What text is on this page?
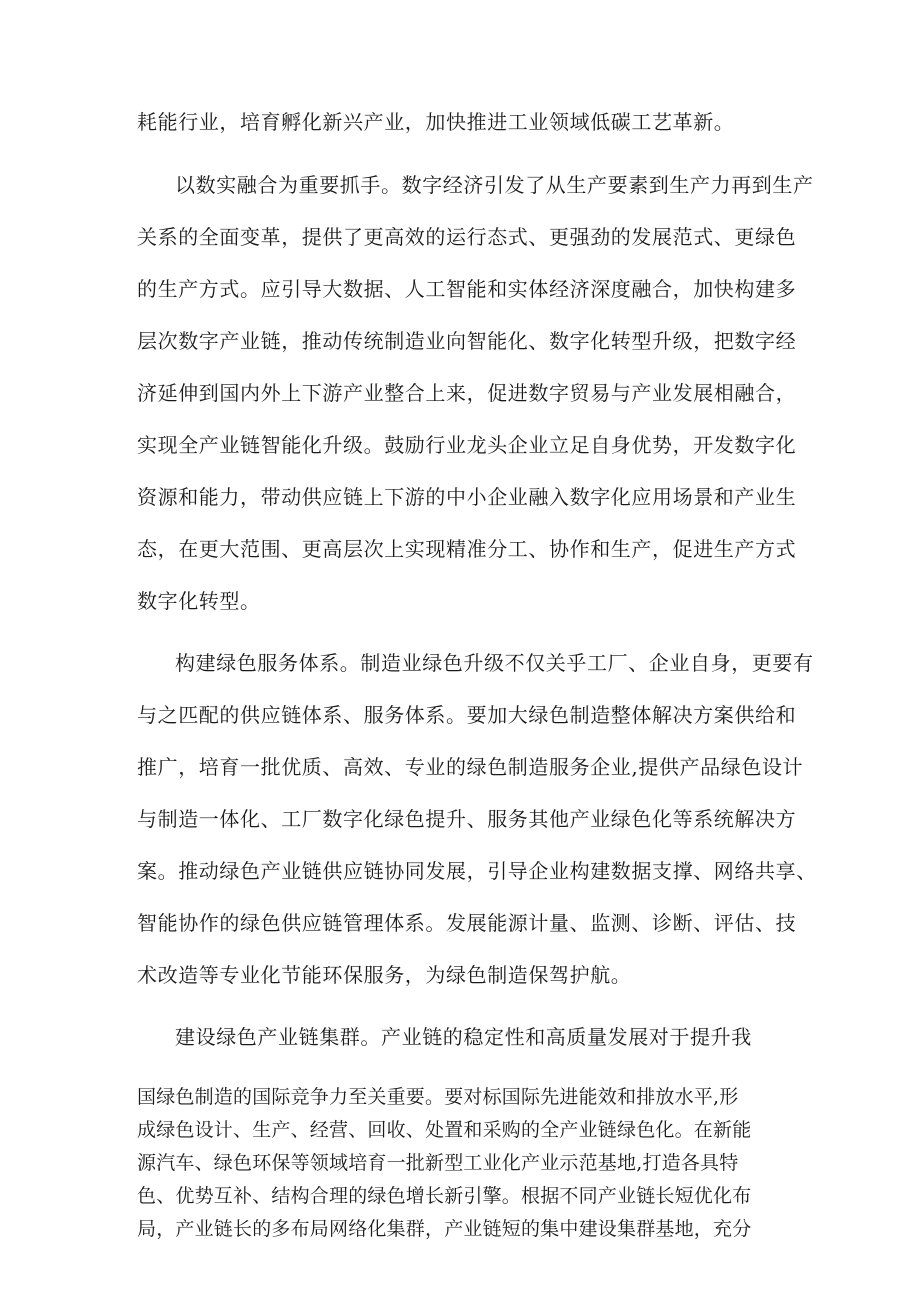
耗能行业，培育孵化新兴产业，加快推进工业领域低碳工艺革新。
以数实融合为重要抓手。数字经济引发了从生产要素到生产力再到生产
关系的全面变革，提供了更高效的运行态式、更强劲的发展范式、更绿色
的生产方式。应引导大数据、人工智能和实体经济深度融合，加快构建多
层次数字产业链，推动传统制造业向智能化、数字化转型升级，把数字经
济延伸到国内外上下游产业整合上来，促进数字贸易与产业发展相融合，
实现全产业链智能化升级。鼓励行业龙头企业立足自身优势，开发数字化
资源和能力，带动供应链上下游的中小企业融入数字化应用场景和产业生
态，在更大范围、更高层次上实现精准分工、协作和生产，促进生产方式
数字化转型。
构建绿色服务体系。制造业绿色升级不仅关乎工厂、企业自身，更要有
与之匹配的供应链体系、服务体系。要加大绿色制造整体解决方案供给和
推广，培育一批优质、高效、专业的绿色制造服务企业,提供产品绿色设计
与制造一体化、工厂数字化绿色提升、服务其他产业绿色化等系统解决方
案。推动绿色产业链供应链协同发展，引导企业构建数据支撑、网络共享、
智能协作的绿色供应链管理体系。发展能源计量、监测、诊断、评估、技
术改造等专业化节能环保服务，为绿色制造保驾护航。
建设绿色产业链集群。产业链的稳定性和高质量发展对于提升我
国绿色制造的国际竞争力至关重要。要对标国际先进能效和排放水平,形
成绿色设计、生产、经营、回收、处置和采购的全产业链绿色化。在新能
源汽车、绿色环保等领域培育一批新型工业化产业示范基地,打造各具特
色、优势互补、结构合理的绿色增长新引擎。根据不同产业链长短优化布
局，产业链长的多布局网络化集群，产业链短的集中建设集群基地，充分
